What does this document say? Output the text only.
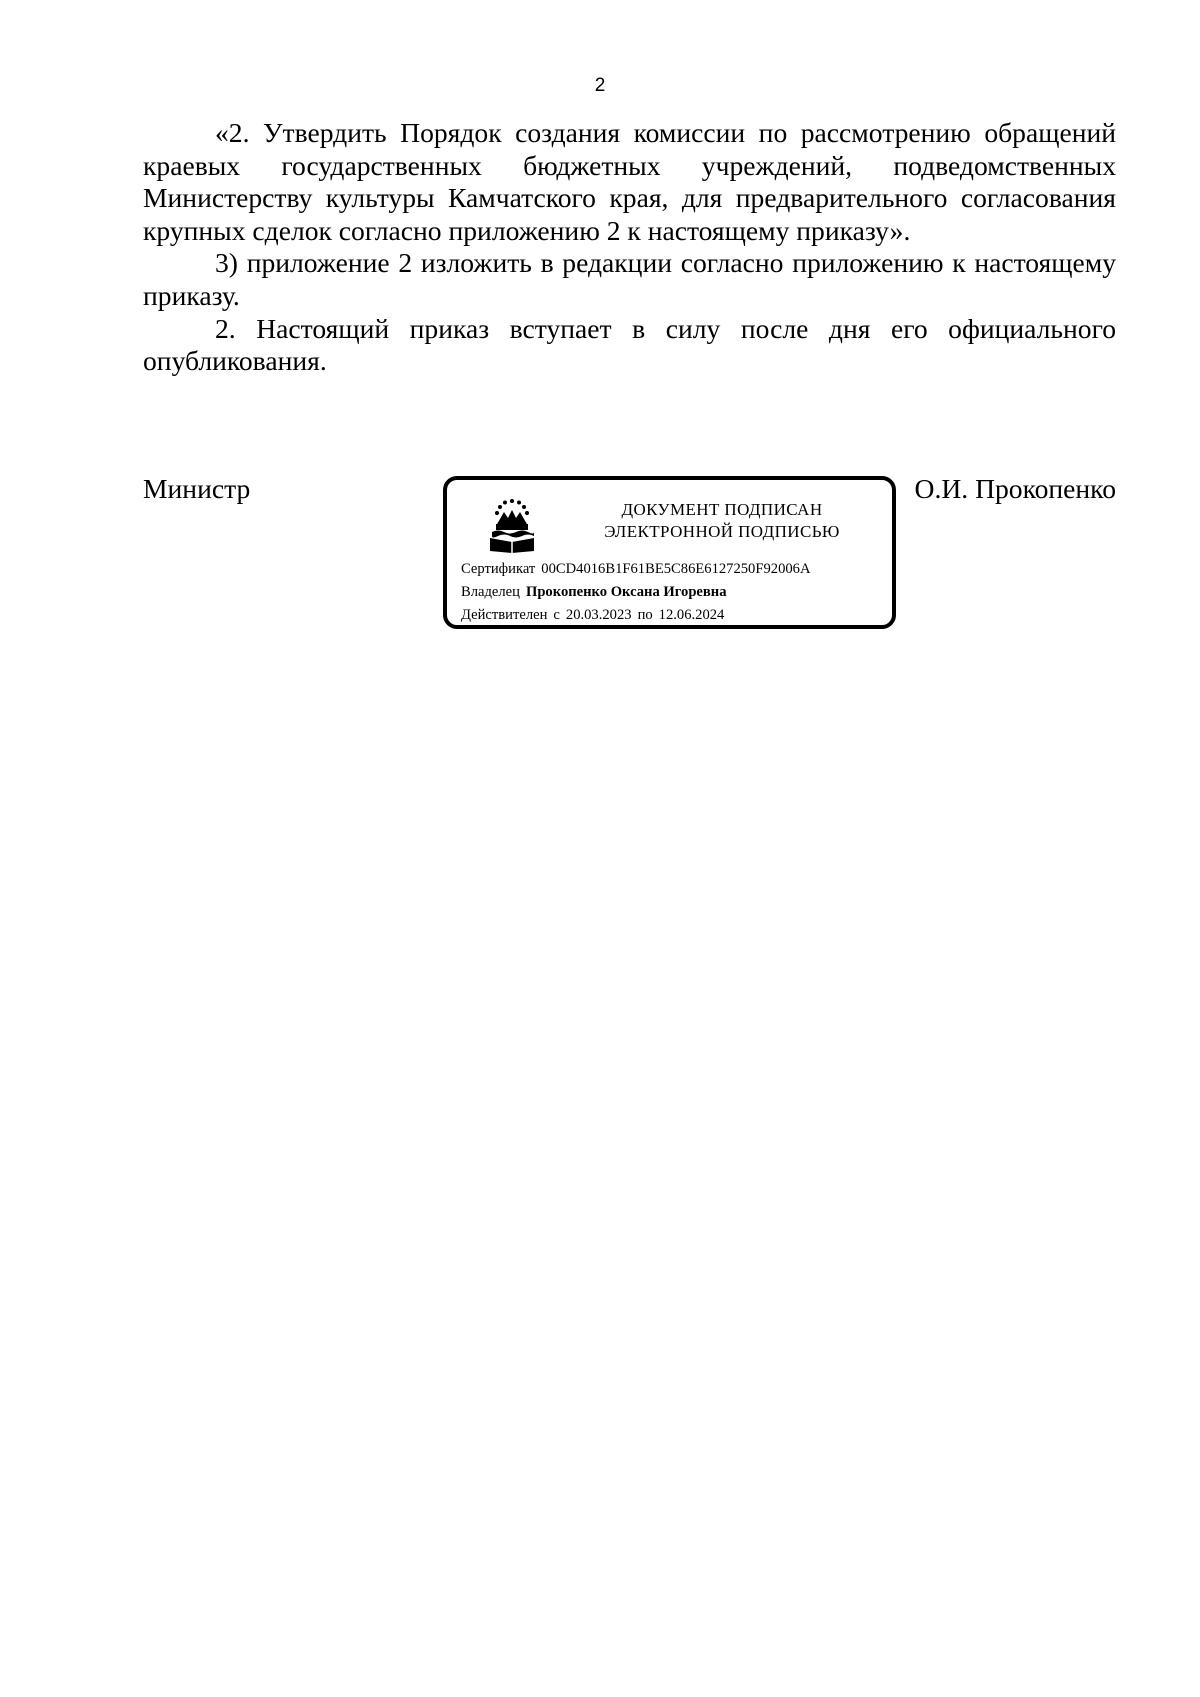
2

«2. Утвердить Порядок создания комиссии по рассмотрению обращений краевых государственных бюджетных учреждений, подведомственных Министерству культуры Камчатского края, для предварительного согласования крупных сделок согласно приложению 2 к настоящему приказу».

3) приложение 2 изложить в редакции согласно приложению к настоящему приказу.

2. Настоящий приказ вступает в силу после дня его официального опубликования.

Министр	О.И. Прокопенко
ДОКУМЕНТ ПОДПИСАН
ЭЛЕКТРОННОЙ ПОДПИСЬЮ
Сертификат 00CD4016B1F61BE5C86E6127250F92006A
Владелец Прокопенко Оксана Игоревна
Действителен с 20.03.2023 по 12.06.2024
